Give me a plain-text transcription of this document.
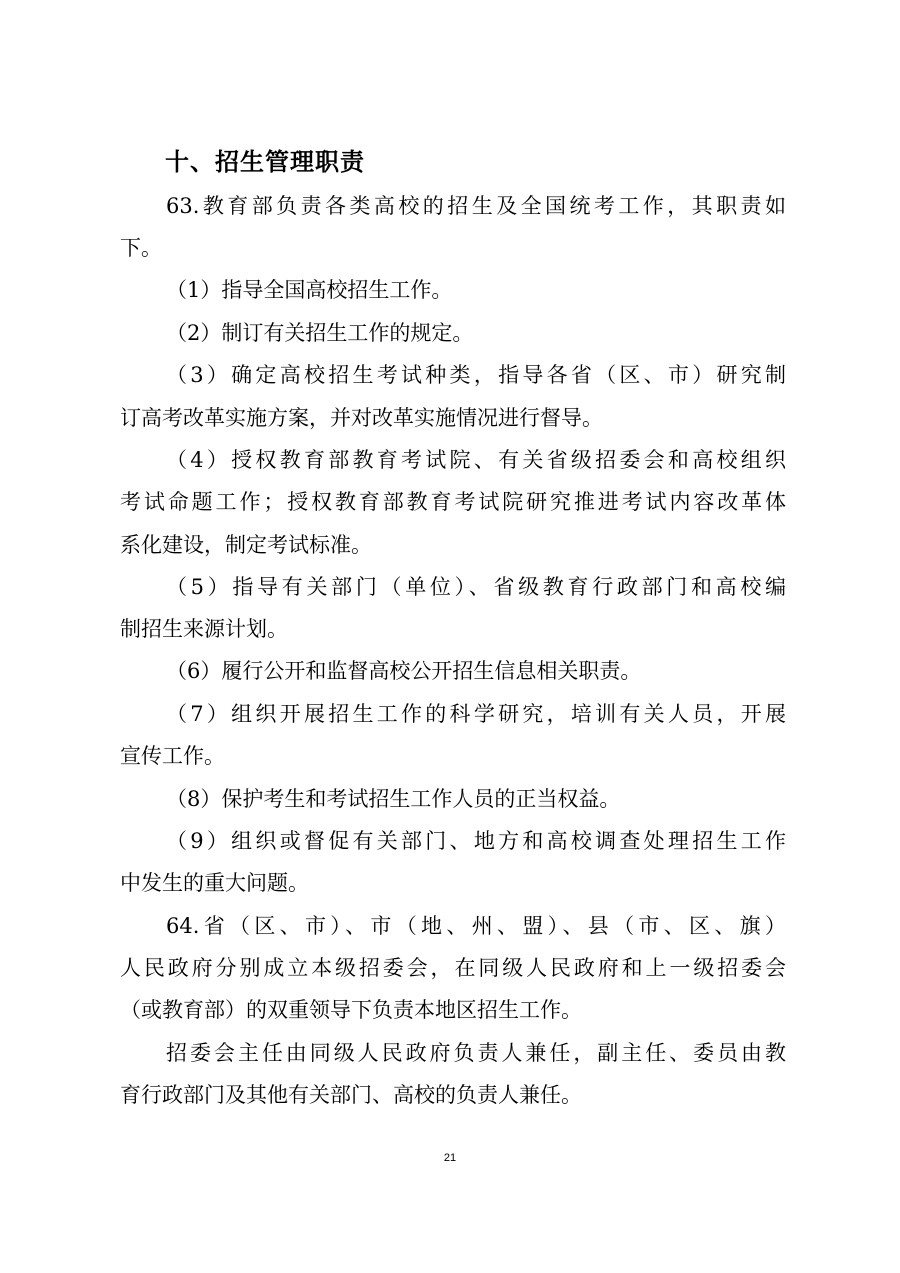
十、招生管理职责
63.教育部负责各类高校的招生及全国统考工作，其职责如
下。
（1）指导全国高校招生工作。
（2）制订有关招生工作的规定。
（3）确定高校招生考试种类，指导各省（区、市）研究制
订高考改革实施方案，并对改革实施情况进行督导。
（4）授权教育部教育考试院、有关省级招委会和高校组织
考试命题工作；授权教育部教育考试院研究推进考试内容改革体
系化建设，制定考试标准。
（5）指导有关部门（单位）、省级教育行政部门和高校编
制招生来源计划。
（6）履行公开和监督高校公开招生信息相关职责。
（7）组织开展招生工作的科学研究，培训有关人员，开展
宣传工作。
（8）保护考生和考试招生工作人员的正当权益。
（9）组织或督促有关部门、地方和高校调查处理招生工作
中发生的重大问题。
64.省（区、市）、市（地、州、盟）、县（市、区、旗）
人民政府分别成立本级招委会，在同级人民政府和上一级招委会
（或教育部）的双重领导下负责本地区招生工作。
招委会主任由同级人民政府负责人兼任，副主任、委员由教
育行政部门及其他有关部门、高校的负责人兼任。
21
